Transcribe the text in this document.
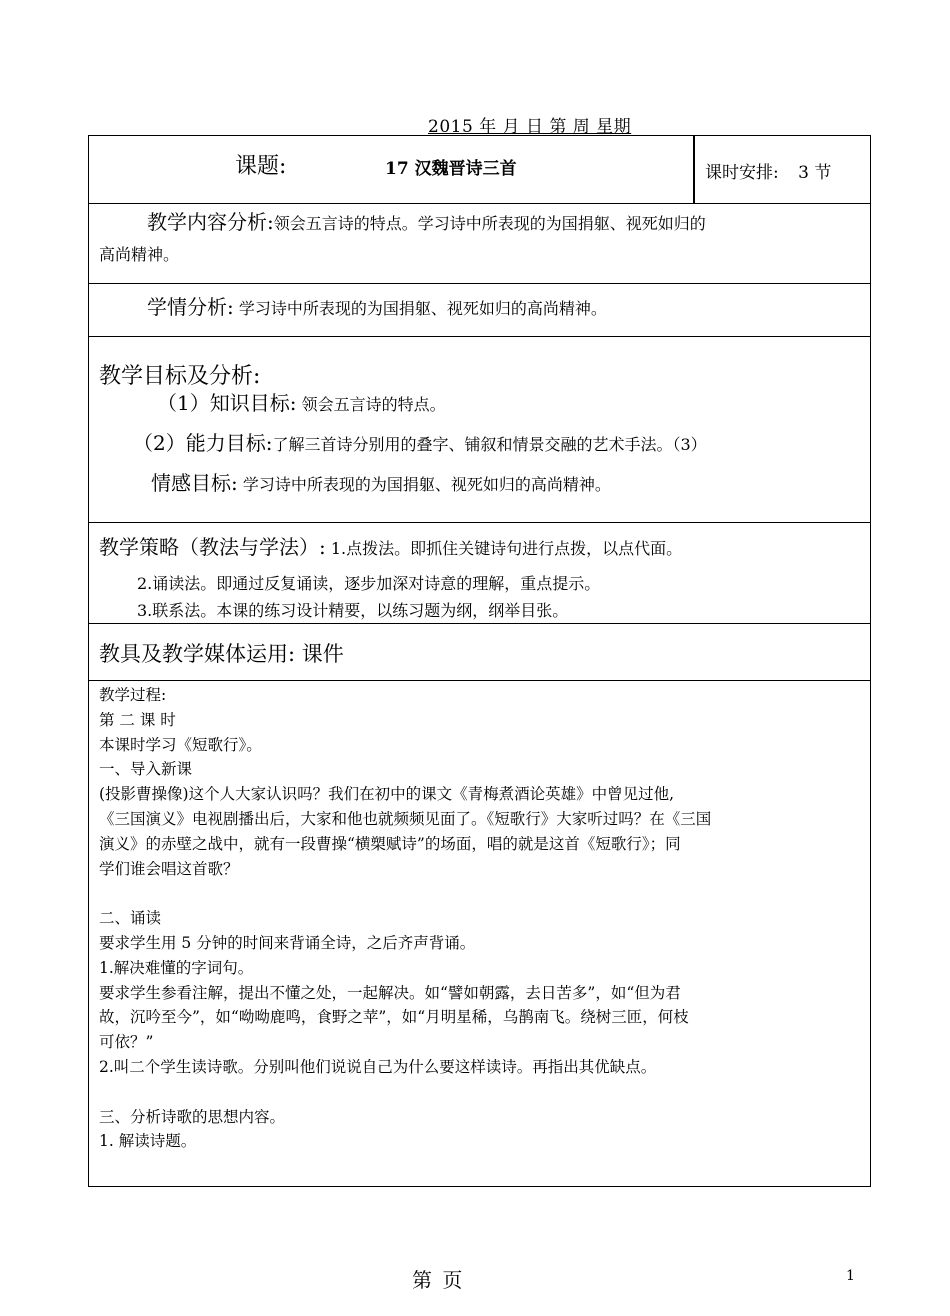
2015 年 月 日 第 周 星期
课题:	17 汉魏晋诗三首	课时安排: 3 节
教学内容分析:领会五言诗的特点。学习诗中所表现的为国捐躯、视死如归的
高尚精神。
学情分析: 学习诗中所表现的为国捐躯、视死如归的高尚精神。
教学目标及分析:
（1）知识目标: 领会五言诗的特点。
（2）能力目标:了解三首诗分别用的叠字、铺叙和情景交融的艺术手法。（3）
情感目标: 学习诗中所表现的为国捐躯、视死如归的高尚精神。
教学策略（教法与学法）: 1.点拨法。即抓住关键诗句进行点拨，以点代面。
2.诵读法。即通过反复诵读，逐步加深对诗意的理解，重点提示。
3.联系法。本课的练习设计精要，以练习题为纲，纲举目张。
教具及教学媒体运用: 课件
教学过程:
第 二 课 时
本课时学习《短歌行》。
一、导入新课
(投影曹操像)这个人大家认识吗？我们在初中的课文《青梅煮酒论英雄》中曾见过他,
《三国演义》电视剧播出后，大家和他也就频频见面了。《短歌行》大家听过吗？在《三国
演义》的赤壁之战中，就有一段曹操“横槊赋诗”的场面，唱的就是这首《短歌行》；同
学们谁会唱这首歌？
二、诵读
要求学生用 5 分钟的时间来背诵全诗，之后齐声背诵。
1.解决难懂的字词句。
要求学生参看注解，提出不懂之处，一起解决。如“譬如朝露，去日苦多”，如“但为君
故，沉吟至今”，如“呦呦鹿鸣，食野之苹”，如“月明星稀，乌鹊南飞。绕树三匝，何枝
可依？”
2.叫二个学生读诗歌。分别叫他们说说自己为什么要这样读诗。再指出其优缺点。
三、分析诗歌的思想内容。
1. 解读诗题。
第 页	1
